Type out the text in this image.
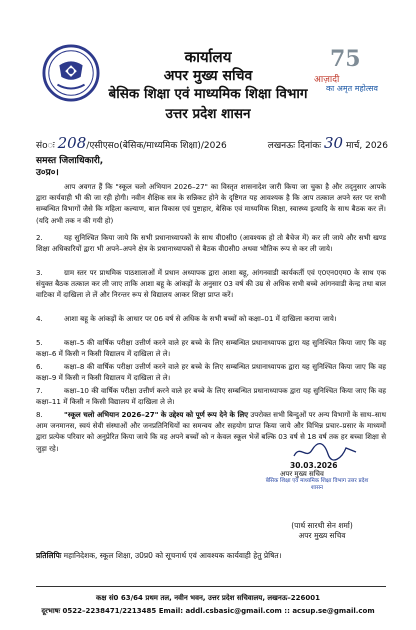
75
आज़ादी
का अमृत महोत्सव
कार्यालय
अपर मुख्य सचिव
बेसिक शिक्षा एवं माध्यमिक शिक्षा विभाग
उत्तर प्रदेश शासन
संoः 208/एसीएसo(बेसिक/माध्यमिक शिक्षा)/2026	लखनऊः दिनांकः 30 मार्च, 2026
समस्त जिलाधिकारी,
उ०प्र०।
आप अवगत हैं कि "स्कूल चलो अभियान 2026–27" का विस्तृत शासनादेश जारी किया जा चुका है और तद्नुसार आपके द्वारा कार्यवाही भी की जा रही होगी। नवीन शैक्षिक सत्र के सन्निकट होने के दृष्टिगत यह आवश्यक है कि आप तत्काल अपने स्तर पर सभी सम्बन्धित विभागों जैसे कि महिला कल्याण, बाल विकास एवं पुष्टाहार, बेसिक एवं माध्यमिक शिक्षा, स्वास्थ्य इत्यादि के साथ बैठक कर लें। (यदि अभी तक न की गयी हो)
2.	यह सुनिश्चित किया जाये कि सभी प्रधानाध्यापकों के साथ वी0सी0 (आवश्यक हो तो बैचेज में) कर ली जाये और सभी खण्ड शिक्षा अधिकारियों द्वारा भी अपने–अपने क्षेत्र के प्रधानाध्यापकों से बैठक वी0सी0 अथवा भौतिक रूप से कर ली जाये।
3.	ग्राम स्तर पर प्राथमिक पाठशालाओं में प्रधान अध्यापक द्वारा आशा बहू, आंगनवाडी कार्यकर्ती एवं ए0एन0एम0 के साथ एक संयुक्त बैठक तत्काल कर ली जाए ताकि आशा बहू के आंकड़ों के अनुसार 03 वर्ष की उम्र से अधिक सभी बच्चे आंगनवाडी केन्द्र तथा बाल वाटिका में दाखिला ले लें और निरन्तर रूप से विद्यालय आकर शिक्षा प्राप्त करें।
4.	आशा बहू के आंकड़ों के आधार पर 06 वर्ष से अधिक के सभी बच्चों को कक्षा–01 में दाखिला कराया जाये।
5.	कक्षा–5 की वार्षिक परीक्षा उत्तीर्ण करने वाले हर बच्चे के लिए सम्बन्धित प्रधानाध्यापक द्वारा यह सुनिश्चित किया जाए कि वह कक्षा–6 में किसी न किसी विद्यालय में दाखिला ले ले।
6.	कक्षा–8 की वार्षिक परीक्षा उत्तीर्ण करने वाले हर बच्चे के लिए सम्बन्धित प्रधानाध्यापक द्वारा यह सुनिश्चित किया जाए कि वह कक्षा–9 में किसी न किसी विद्यालय में दाखिला ले ले।
7.	कक्षा–10 की वार्षिक परीक्षा उत्तीर्ण करने वाले हर बच्चे के लिए सम्बन्धित प्रधानाध्यापक द्वारा यह सुनिश्चित किया जाए कि वह कक्षा–11 में किसी न किसी विद्यालय में दाखिला ले ले।
8.	"स्कूल चलो अभियान 2026–27" के उद्देश्य को पूर्ण रूप देने के लिए उपरोक्त सभी बिन्दुओं पर अन्य विभागों के साथ–साथ आम जनमानस, स्वयं सेवी संस्थाओं और जनप्रतिनिधियों का समन्वय और सहयोग प्राप्त किया जाये और विभिन्न प्रचार–प्रसार के माध्यमों द्वारा प्रत्येक परिवार को अनुप्रेरित किया जाये कि वह अपने बच्चों को न केवल स्कूल भेजें बल्कि 03 वर्ष से 18 वर्ष तक हर बच्चा शिक्षा से जुड़ा रहे।
30.03.2026
अपर मुख्य सचिव
बेसिक शिक्षा एवं माध्यमिक शिक्षा विभाग उत्तर प्रदेश शासन
(पार्थ सारथी सेन शर्मा)
अपर मुख्य सचिव
प्रतिलिपिः महानिदेशक, स्कूल शिक्षा, उ0प्र0 को सूचनार्थ एवं आवश्यक कार्यवाही हेतु प्रेषित।
कक्ष सं0 63/64 प्रथम तल, नवीन भवन, उत्तर प्रदेश सचिवालय, लखनऊ–226001
दूरभाषः 0522–2238471/2213485 Email: addl.csbasic@gmail.com :: acsup.se@gmail.com
